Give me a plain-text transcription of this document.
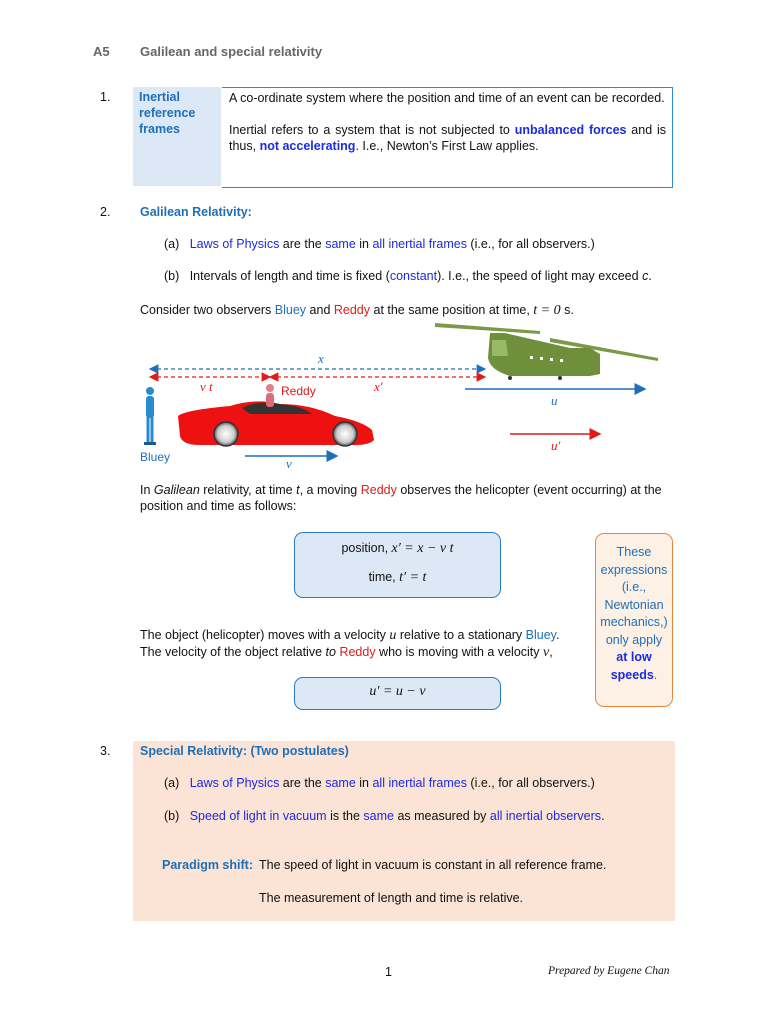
A5 Galilean and special relativity
1.	Inertial reference frames

A co-ordinate system where the position and time of an event can be recorded.

Inertial refers to a system that is not subjected to unbalanced forces and is thus, not accelerating. I.e., Newton’s First Law applies.

2. Galilean Relativity:
(a) Laws of Physics are the same in all inertial frames (i.e., for all observers.)
(b) Intervals of length and time is fixed (constant). I.e., the speed of light may exceed c.
Consider two observers Bluey and Reddy at the same position at time, t = 0 s.
x
v t	x′
Bluey
Reddy
v
u
u′
In Galilean relativity, at time t, a moving Reddy observes the helicopter (event occurring) at the position and time as follows:
position, x′ = x − v t
time, t′ = t
The object (helicopter) moves with a velocity u relative to a stationary Bluey.
The velocity of the object relative to Reddy who is moving with a velocity v,
u′ = u − v
These
expressions
(i.e.,
Newtonian
mechanics,)
only apply
at low
speeds.
3. Special Relativity: (Two postulates)
(a) Laws of Physics are the same in all inertial frames (i.e., for all observers.)
(b) Speed of light in vacuum is the same as measured by all inertial observers.
Paradigm shift: The speed of light in vacuum is constant in all reference frame.
The measurement of length and time is relative.
1	Prepared by Eugene Chan
